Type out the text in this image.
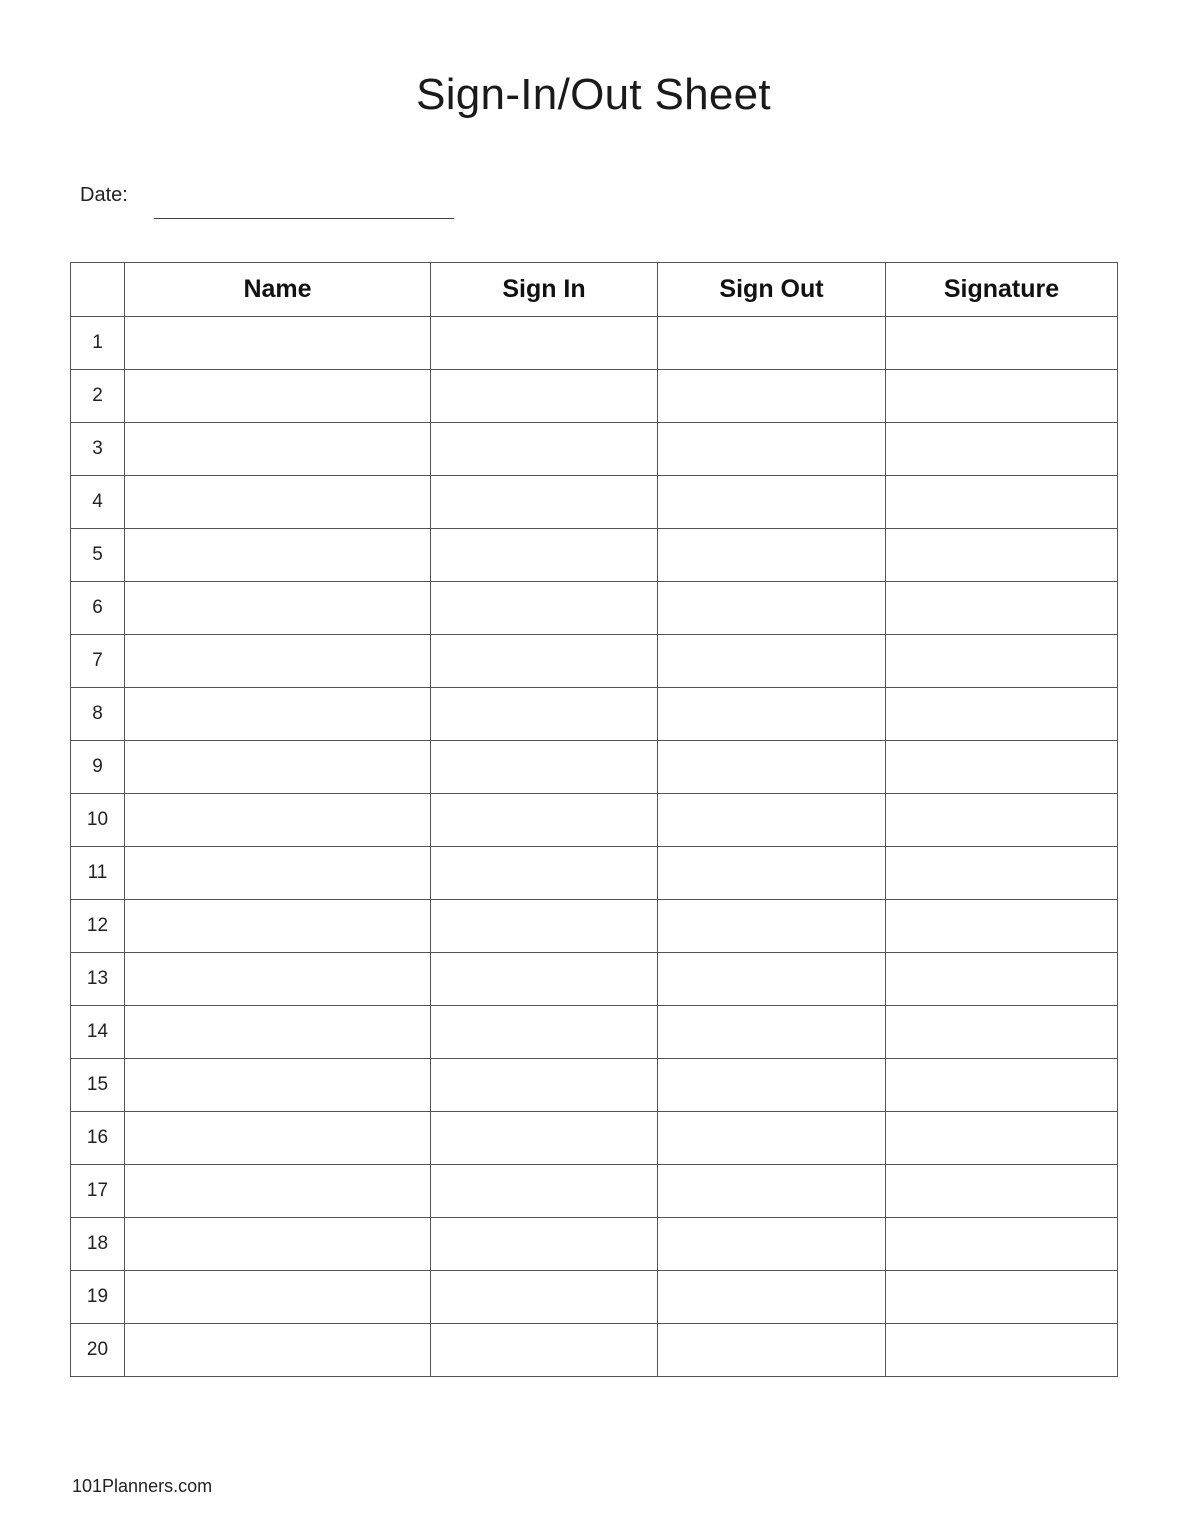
Sign-In/Out Sheet
Date:
	Name	Sign In	Sign Out	Signature
1				
2				
3				
4				
5				
6				
7				
8				
9				
10				
11				
12				
13				
14				
15				
16				
17				
18				
19				
20				
101Planners.com
